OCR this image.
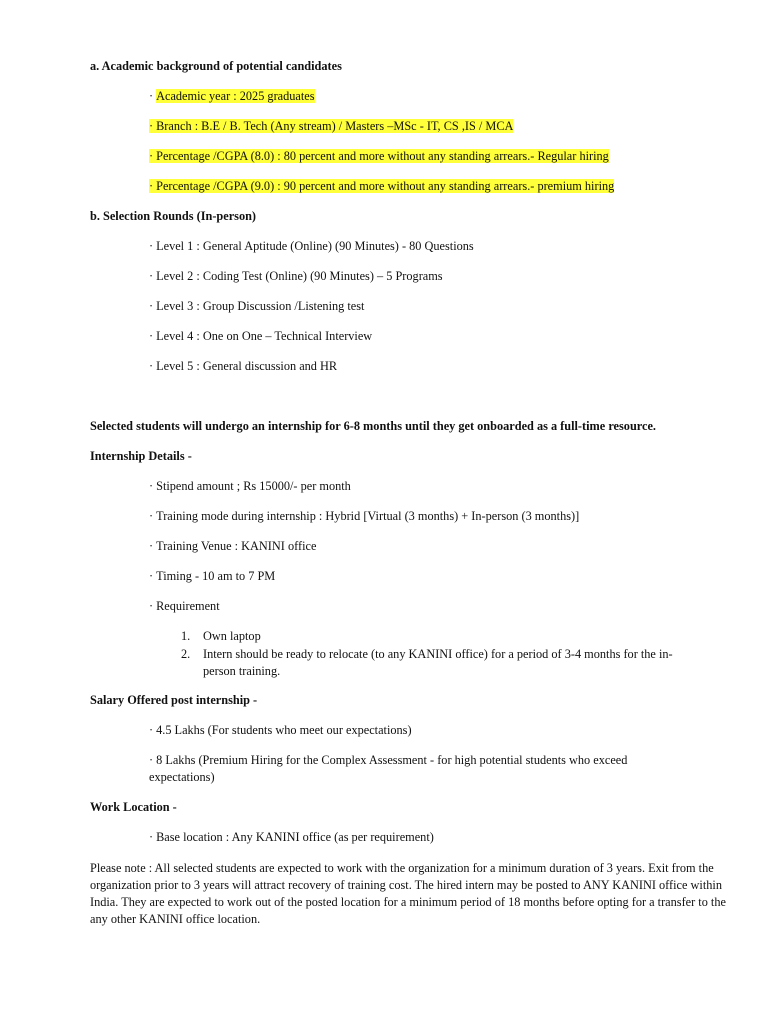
a. Academic background of potential candidates
· Academic year : 2025 graduates
· Branch : B.E / B. Tech (Any stream) / Masters –MSc - IT, CS ,IS / MCA
· Percentage /CGPA (8.0) : 80 percent and more without any standing arrears.- Regular hiring
· Percentage /CGPA (9.0) : 90 percent and more without any standing arrears.- premium hiring
b. Selection Rounds (In-person)
· Level 1 : General Aptitude (Online) (90 Minutes) - 80 Questions
· Level 2 : Coding Test (Online) (90 Minutes) – 5 Programs
· Level 3 : Group Discussion /Listening test
· Level 4 : One on One – Technical Interview
· Level 5 : General discussion and HR
Selected students will undergo an internship for 6-8 months until they get onboarded as a full-time resource.
Internship Details -
· Stipend amount ; Rs 15000/- per month
· Training mode during internship : Hybrid [Virtual (3 months) + In-person (3 months)]
· Training Venue : KANINI office
· Timing - 10 am to 7 PM
· Requirement
1. Own laptop
2. Intern should be ready to relocate (to any KANINI office) for a period of 3-4 months for the in-person training.
Salary Offered post internship -
· 4.5 Lakhs (For students who meet our expectations)
· 8 Lakhs (Premium Hiring for the Complex Assessment - for high potential students who exceed expectations)
Work Location -
· Base location : Any KANINI office (as per requirement)
Please note : All selected students are expected to work with the organization for a minimum duration of 3 years. Exit from the organization prior to 3 years will attract recovery of training cost. The hired intern may be posted to ANY KANINI office within India. They are expected to work out of the posted location for a minimum period of 18 months before opting for a transfer to the any other KANINI office location.
